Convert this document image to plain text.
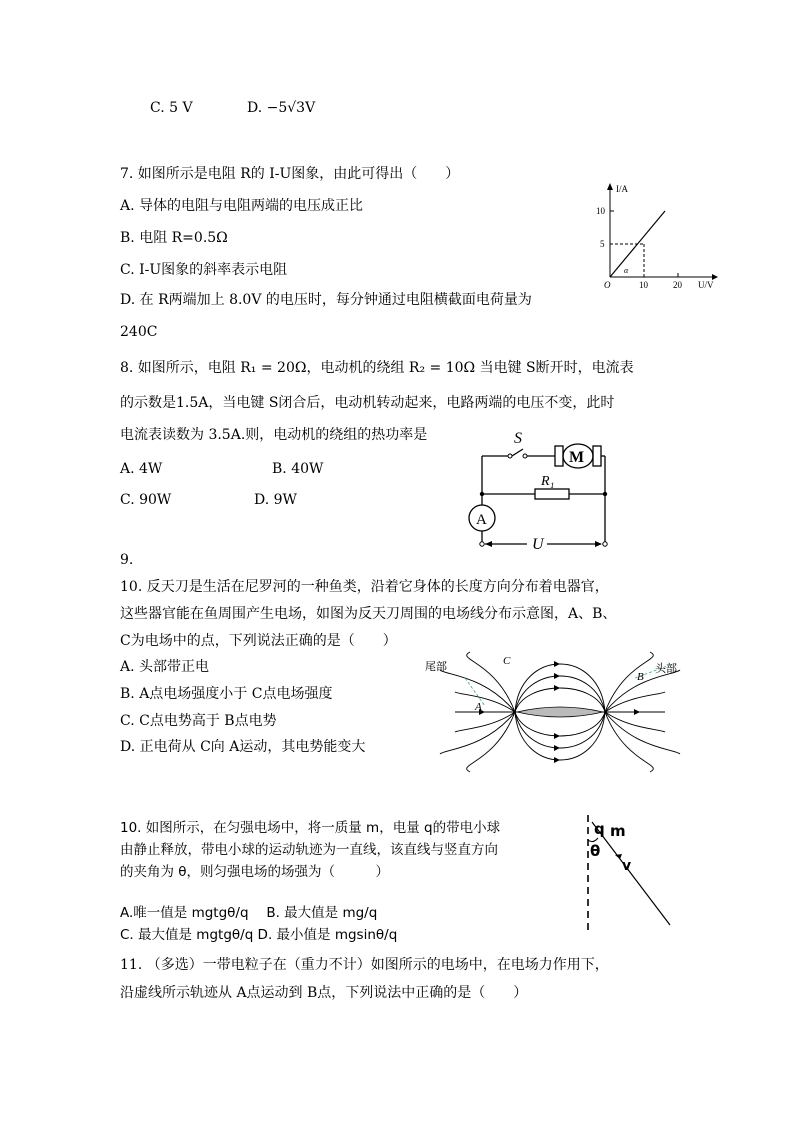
C. 5 V	D. −5√3V
7. 如图所示是电阻 R的 I-U图象，由此可得出（　　）
A. 导体的电阻与电阻两端的电压成正比
B. 电阻 R=0.5Ω
C. I-U图象的斜率表示电阻
D. 在 R两端加上 8.0V 的电压时，每分钟通过电阻横截面电荷量为
240C
I/A
10
5
O	10	20 U/V
α
8. 如图所示，电阻 R₁ = 20Ω，电动机的绕组 R₂ = 10Ω 当电键 S断开时，电流表
的示数是1.5A，当电键 S闭合后，电动机转动起来，电路两端的电压不变，此时
电流表读数为 3.5A.则，电动机的绕组的热功率是
A. 4W	B. 40W
C. 90W	D. 9W
S
M
R₁
A
U
9.
10. 反天刀是生活在尼罗河的一种鱼类，沿着它身体的长度方向分布着电器官，
这些器官能在鱼周围产生电场，如图为反天刀周围的电场线分布示意图，A、B、
C为电场中的点，下列说法正确的是（　　）
A. 头部带正电
B. A点电场强度小于 C点电场强度
C. C点电势高于 B点电势
D. 正电荷从 C向 A运动，其电势能变大
尾部	头部
C
B
A
10. 如图所示，在匀强电场中，将一质量 m，电量 q的带电小球
由静止释放，带电小球的运动轨迹为一直线，该直线与竖直方向
的夹角为 θ，则匀强电场的场强为（　　　）
A.唯一值是 mgtgθ/q　 B. 最大值是 mg/q
C. 最大值是 mgtgθ/q D. 最小值是 mgsinθ/q
q m
θ
v
11. （多选）一带电粒子在（重力不计）如图所示的电场中，在电场力作用下，
沿虚线所示轨迹从 A点运动到 B点，下列说法中正确的是（　　）
